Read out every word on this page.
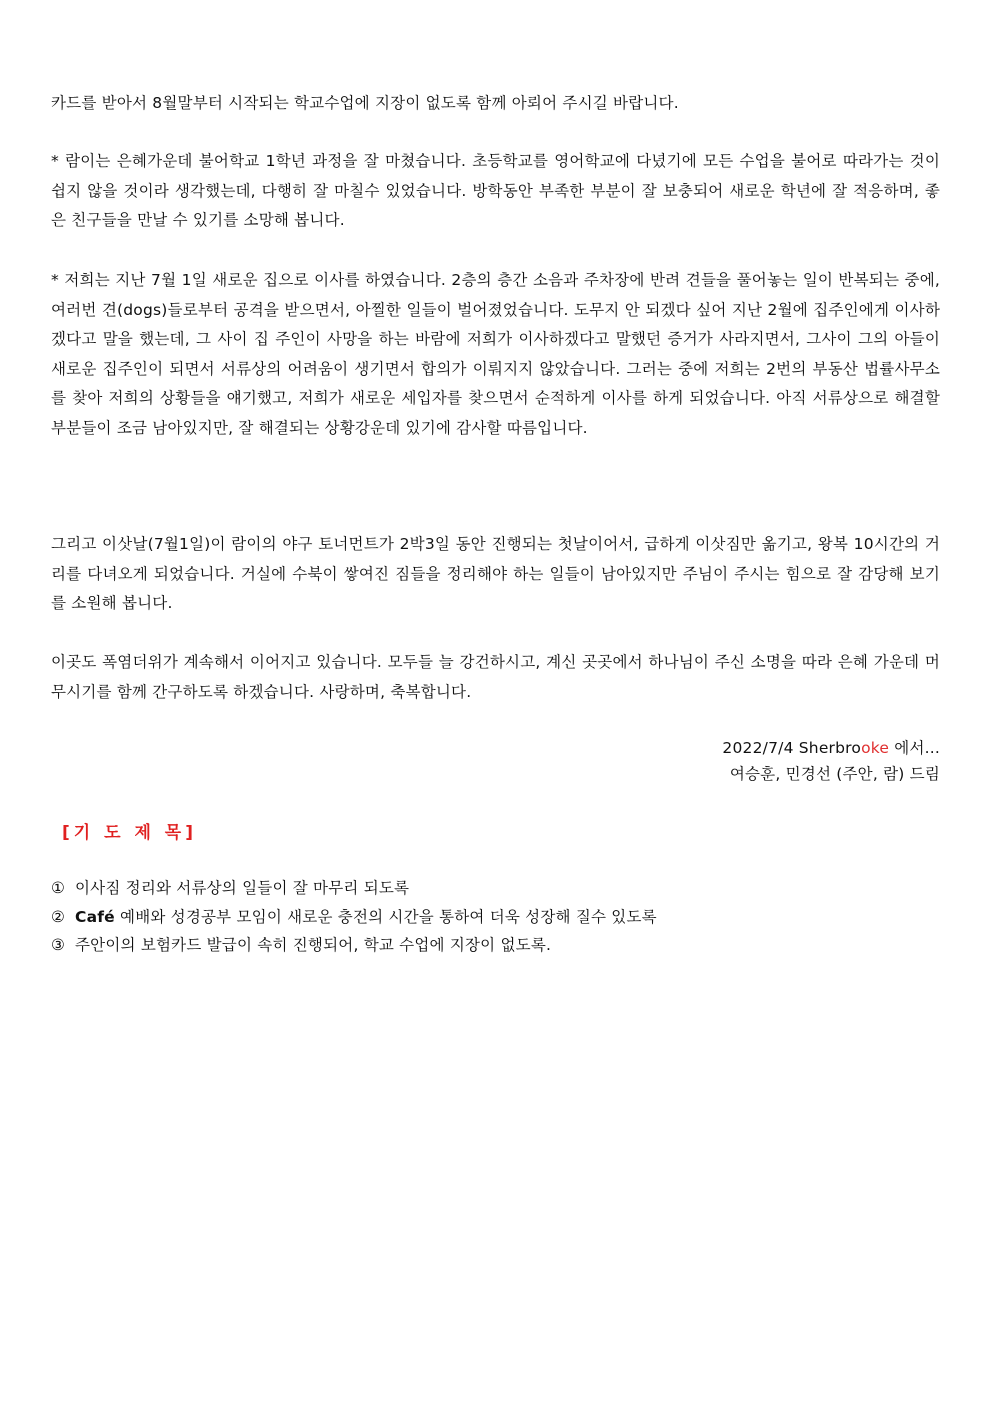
카드를 받아서 8월말부터 시작되는 학교수업에 지장이 없도록 함께 아뢰어 주시길 바랍니다.
* 람이는 은혜가운데 불어학교 1학년 과정을 잘 마쳤습니다. 초등학교를 영어학교에 다녔기에 모든 수업을 불어로 따라가는 것이 쉽지 않을 것이라 생각했는데, 다행히 잘 마칠수 있었습니다. 방학동안 부족한 부분이 잘 보충되어 새로운 학년에 잘 적응하며, 좋은 친구들을 만날 수 있기를 소망해 봅니다.
* 저희는 지난 7월 1일 새로운 집으로 이사를 하였습니다. 2층의 층간 소음과 주차장에 반려 견들을 풀어놓는 일이 반복되는 중에, 여러번 견(dogs)들로부터 공격을 받으면서, 아찔한 일들이 벌어졌었습니다. 도무지 안 되겠다 싶어 지난 2월에 집주인에게 이사하겠다고 말을 했는데, 그 사이 집 주인이 사망을 하는 바람에 저희가 이사하겠다고 말했던 증거가 사라지면서, 그사이 그의 아들이 새로운 집주인이 되면서 서류상의 어려움이 생기면서 합의가 이뤄지지 않았습니다. 그러는 중에 저희는 2번의 부동산 법률사무소를 찾아 저희의 상황들을 얘기했고, 저희가 새로운 세입자를 찾으면서 순적하게 이사를 하게 되었습니다. 아직 서류상으로 해결할 부분들이 조금 남아있지만, 잘 해결되는 상황강운데 있기에 감사할 따름입니다.
그리고 이삿날(7월1일)이 람이의 야구 토너먼트가 2박3일 동안 진행되는 첫날이어서, 급하게 이삿짐만 옮기고, 왕복 10시간의 거리를 다녀오게 되었습니다. 거실에 수북이 쌓여진 짐들을 정리해야 하는 일들이 남아있지만 주님이 주시는 힘으로 잘 감당해 보기를 소원해 봅니다.
이곳도 폭염더위가 계속해서 이어지고 있습니다. 모두들 늘 강건하시고, 계신 곳곳에서 하나님이 주신 소명을 따라 은혜 가운데 머무시기를 함께 간구하도록 하겠습니다. 사랑하며, 축복합니다.
2022/7/4 Sherbrooke 에서...
여승훈, 민경선 (주안, 람) 드림
[기 도 제 목]
① 이사짐 정리와 서류상의 일들이 잘 마무리 되도록
② Café 예배와 성경공부 모임이 새로운 충전의 시간을 통하여 더욱 성장해 질수 있도록
③ 주안이의 보험카드 발급이 속히 진행되어, 학교 수업에 지장이 없도록.
